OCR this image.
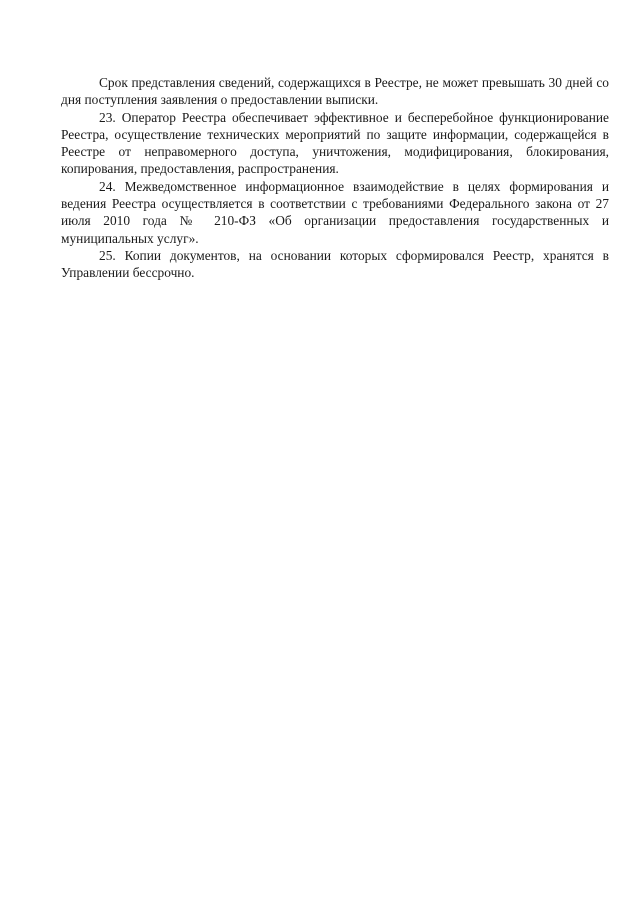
Срок представления сведений, содержащихся в Реестре, не может превышать 30 дней со дня поступления заявления о предоставлении выписки.

23. Оператор Реестра обеспечивает эффективное и бесперебойное функционирование Реестра, осуществление технических мероприятий по защите информации, содержащейся в Реестре от неправомерного доступа, уничтожения, модифицирования, блокирования, копирования, предоставления, распространения.

24. Межведомственное информационное взаимодействие в целях формирования и ведения Реестра осуществляется в соответствии с требованиями Федерального закона от 27 июля 2010 года № 210-ФЗ «Об организации предоставления государственных и муниципальных услуг».

25. Копии документов, на основании которых сформировался Реестр, хранятся в Управлении бессрочно.
